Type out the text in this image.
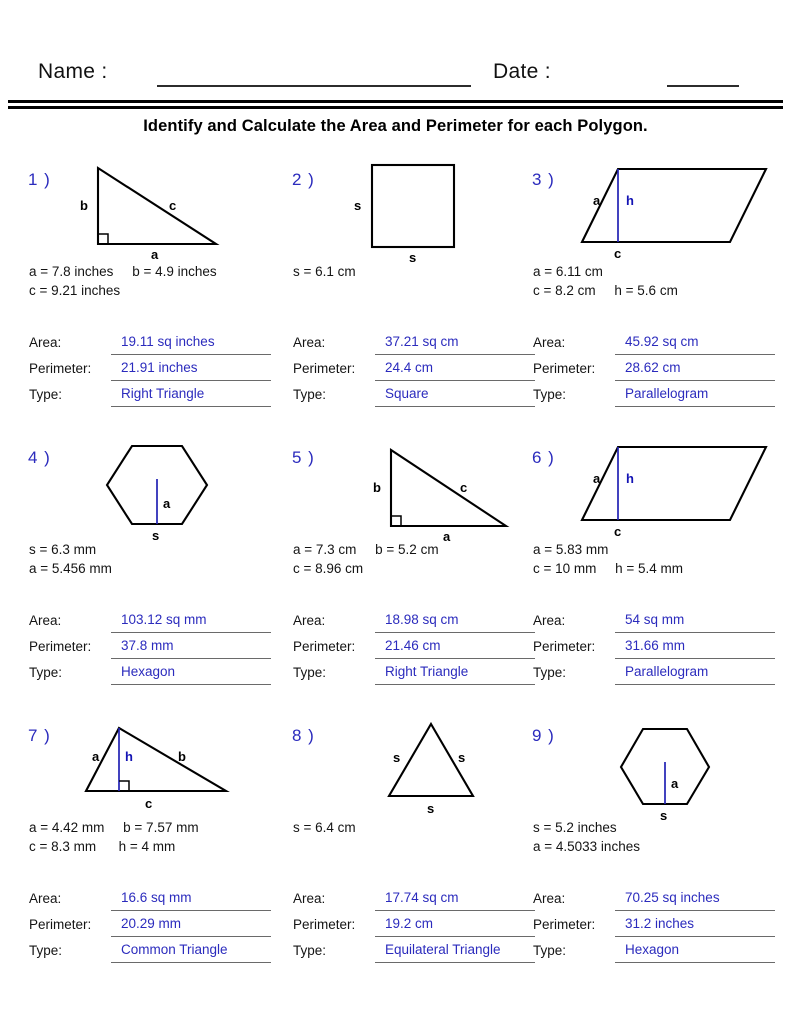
Name :	Date :
Identify and Calculate the Area and Perimeter for each Polygon.
1 )
b	c
a
a = 7.8 inches     b = 4.9 inches
c = 9.21 inches
Area:	19.11 sq inches
Perimeter: 21.91 inches
Type:	Right Triangle
2 )
s
s
s = 6.1 cm
Area:	37.21 sq cm
Perimeter: 24.4 cm
Type:	Square
3 )
a h
c
a = 6.11 cm
c = 8.2 cm     h = 5.6 cm
Area:	45.92 sq cm
Perimeter: 28.62 cm
Type:	Parallelogram
4 )
a
s
s = 6.3 mm
a = 5.456 mm
Area:	103.12 sq mm
Perimeter: 37.8 mm
Type:	Hexagon
5 )
b	c
a
a = 7.3 cm     b = 5.2 cm
c = 8.96 cm
Area:	18.98 sq cm
Perimeter: 21.46 cm
Type:	Right Triangle
6 )
a h
c
a = 5.83 mm
c = 10 mm     h = 5.4 mm
Area:	54 sq mm
Perimeter: 31.66 mm
Type:	Parallelogram
7 )
a h	b
c
a = 4.42 mm     b = 7.57 mm
c = 8.3 mm      h = 4 mm
Area:	16.6 sq mm
Perimeter: 20.29 mm
Type:	Common Triangle
8 )
s	s
s
s = 6.4 cm
Area:	17.74 sq cm
Perimeter: 19.2 cm
Type:	Equilateral Triangle
9 )
a
s
s = 5.2 inches
a = 4.5033 inches
Area:	70.25 sq inches
Perimeter: 31.2 inches
Type:	Hexagon
